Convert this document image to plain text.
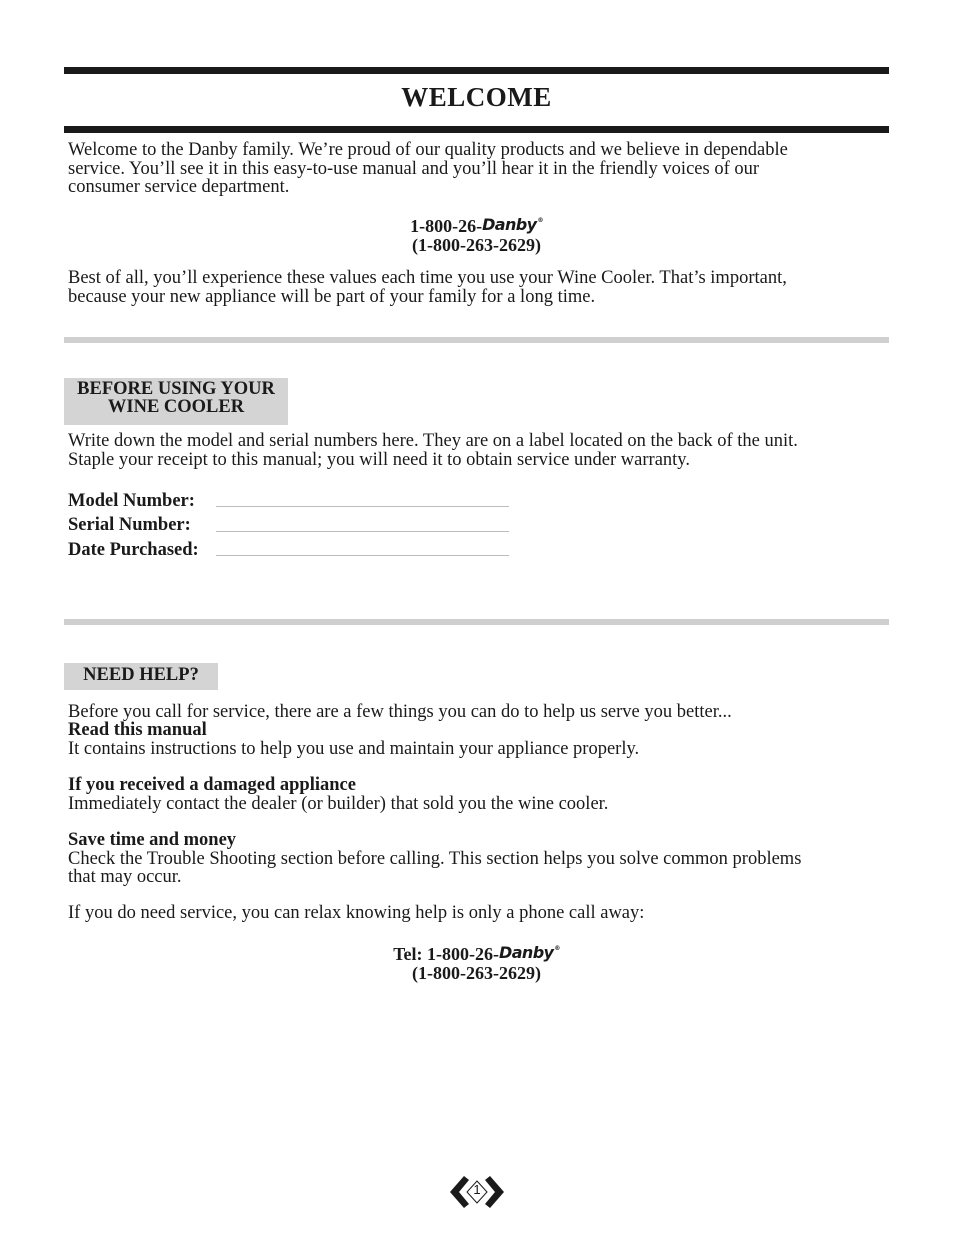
WELCOME

Welcome to the Danby family. We’re proud of our quality products and we believe in dependable
service. You’ll see it in this easy-to-use manual and you’ll hear it in the friendly voices of our
consumer service department.

1-800-26-Danby®
(1-800-263-2629)

Best of all, you’ll experience these values each time you use your Wine Cooler. That’s important,
because your new appliance will be part of your family for a long time.

BEFORE USING YOUR
WINE COOLER

Write down the model and serial numbers here. They are on a label located on the back of the unit.
Staple your receipt to this manual; you will need it to obtain service under warranty.

Model Number:
Serial Number:
Date Purchased:
NEED HELP?

Before you call for service, there are a few things you can do to help us serve you better...

Read this manual
It contains instructions to help you use and maintain your appliance properly.

If you received a damaged appliance
Immediately contact the dealer (or builder) that sold you the wine cooler.

Save time and money
Check the Trouble Shooting section before calling. This section helps you solve common problems
that may occur.

If you do need service, you can relax knowing help is only a phone call away:

Tel: 1-800-26-Danby®
(1-800-263-2629)
1
